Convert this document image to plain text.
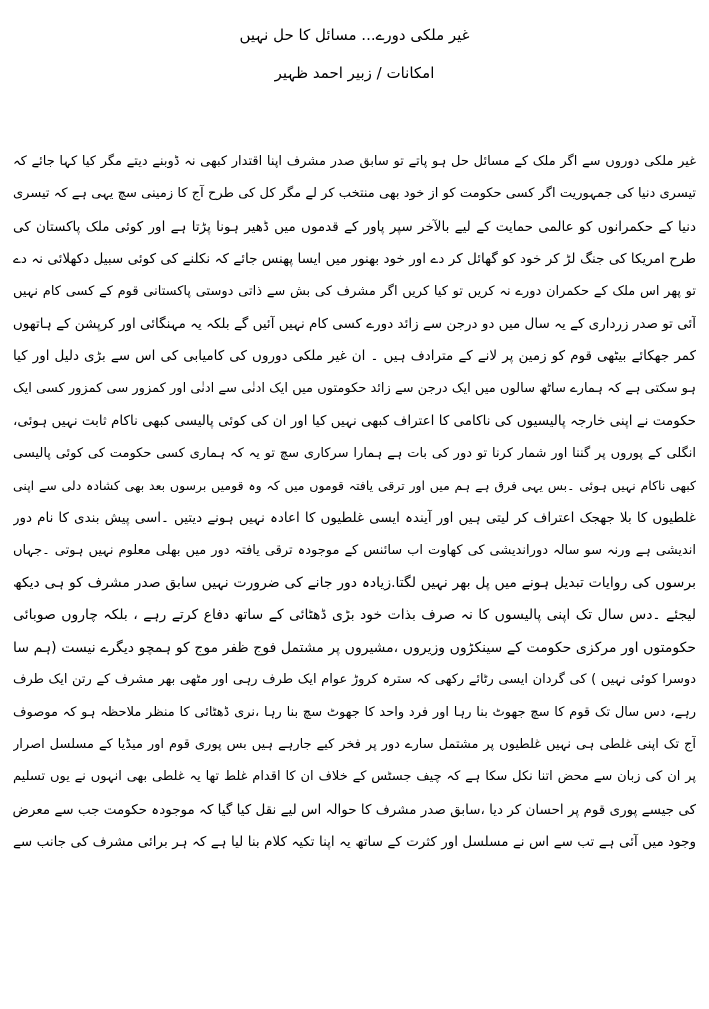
غیر ملکی دورے... مسائل کا حل نہیں
امکانات / زبیر احمد ظہیر
غیر ملکی دوروں سے اگر ملک کے مسائل حل ہو پاتے تو سابق صدر مشرف اپنا اقتدار کبھی نہ ڈوبنے دیتے مگر کیا کہا جائے کہ
تیسری دنیا کی جمہوریت اگر کسی حکومت کو از خود بھی منتخب کر لے مگر کل کی طرح آج کا زمینی سچ یہی ہے کہ تیسری
دنیا کے حکمرانوں کو عالمی حمایت کے لیے بالآخر سپر پاور کے قدموں میں ڈھیر ہونا پڑتا ہے اور کوئی ملک پاکستان کی
طرح امریکا کی جنگ لڑ کر خود کو گھائل کر دے اور خود بھنور میں ایسا پھنس جائے کہ نکلنے کی کوئی سبیل دکھلائی نہ دے
تو پھر اس ملک کے حکمران دورے نہ کریں تو کیا کریں اگر مشرف کی بش سے ذاتی دوستی پاکستانی قوم کے کسی کام نہیں
آئی تو صدر زرداری کے یہ سال میں دو درجن سے زائد دورے کسی کام نہیں آئیں گے بلکہ یہ مہنگائی اور کرپشن کے ہاتھوں
کمر جھکائے بیٹھی قوم کو زمین پر لانے کے مترادف ہیں ۔ ان غیر ملکی دوروں کی کامیابی کی اس سے بڑی دلیل اور کیا
ہو سکتی ہے کہ ہمارے ساٹھ سالوں میں ایک درجن سے زائد حکومتوں میں ایک ادنٰی سے ادنٰی اور کمزور سی کمزور کسی ایک
حکومت نے اپنی خارجہ پالیسیوں کی ناکامی کا اعتراف کبھی نہیں کیا اور ان کی کوئی پالیسی کبھی ناکام ثابت نہیں ہوئی،
انگلی کے پوروں پر گننا اور شمار کرنا تو دور کی بات ہے ہمارا سرکاری سچ تو یہ کہ ہماری کسی حکومت کی کوئی پالیسی
کبھی ناکام نہیں ہوئی ۔بس یہی فرق ہے ہم میں اور ترقی یافتہ قوموں میں کہ وہ قومیں برسوں بعد بھی کشادہ دلی سے اپنی
غلطیوں کا بلا جھجک اعتراف کر لیتی ہیں اور آیندہ ایسی غلطیوں کا اعادہ نہیں ہونے دیتیں ۔اسی پیش بندی کا نام دور
اندیشی ہے ورنہ سو سالہ دوراندیشی کی کھاوت اب سائنس کے موجودہ ترقی یافتہ دور میں بھلی معلوم نہیں ہوتی ۔جہاں
برسوں کی روایات تبدیل ہونے میں پل بھر نہیں لگتا.زیادہ دور جانے کی ضرورت نہیں سابق صدر مشرف کو ہی دیکھ
لیجئے ۔دس سال تک اپنی پالیسوں کا نہ صرف بذات خود بڑی ڈھٹائی کے ساتھ دفاع کرتے رہے ، بلکہ چاروں صوبائی
حکومتوں اور مرکزی حکومت کے سینکڑوں وزیروں ،مشیروں پر مشتمل فوج ظفر موج کو ہمچو دیگرے نیست (ہم سا
دوسرا کوئی نہیں ) کی گردان ایسی رٹائے رکھی کہ سترہ کروڑ عوام ایک طرف رہی اور مٹھی بھر مشرف کے رتن ایک طرف
رہے، دس سال تک قوم کا سچ جھوٹ بنا رہا اور فرد واحد کا جھوٹ سچ بنا رہا ،نری ڈھٹائی کا منظر ملاحظہ ہو کہ موصوف
آج تک اپنی غلطی ہی نہیں غلطیوں پر مشتمل سارے دور پر فخر کیے جارہے ہیں بس پوری قوم اور میڈیا کے مسلسل اصرار
پر ان کی زبان سے محض اتنا نکل سکا ہے کہ چیف جسٹس کے خلاف ان کا اقدام غلط تھا یہ غلطی بھی انہوں نے یوں تسلیم
کی جیسے پوری قوم پر احسان کر دیا ،سابق صدر مشرف کا حوالہ اس لیے نقل کیا گیا کہ موجودہ حکومت جب سے معرض
وجود میں آئی ہے تب سے اس نے مسلسل اور کثرت کے ساتھ یہ اپنا تکیہ کلام بنا لیا ہے کہ ہر برائی مشرف کی جانب سے
